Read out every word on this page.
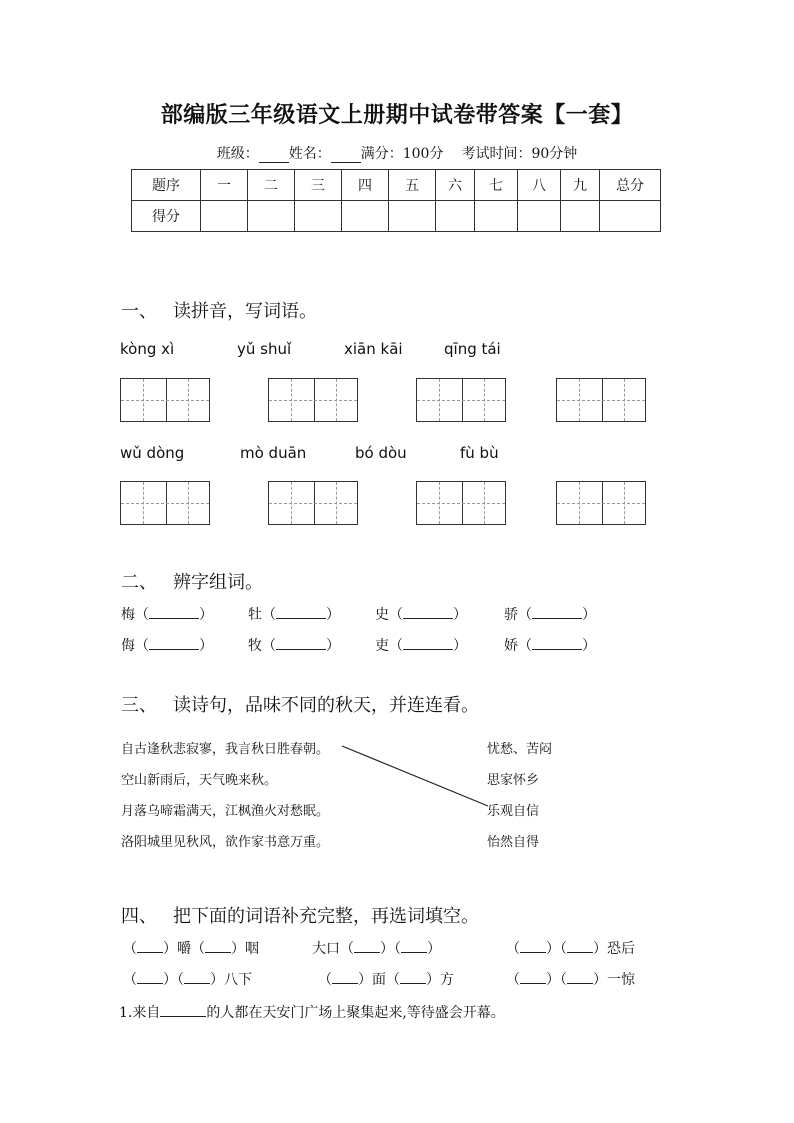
部编版三年级语文上册期中试卷带答案【一套】
班级： 姓名： 满分：100分 考试时间：90分钟
题序	一	二	三	四	五	六	七	八	九	总分
得分										
一、 读拼音，写词语。
kòng xì	yǔ shuǐ	xiān kāi	qīng tái
wǔ dòng	mò duān	bó dòu	fù bù
二、 辨字组词。
梅（	）	牡（	）	史（	）	骄（	）
侮（	）	牧（	）	吏（	）	娇（	）
三、 读诗句，品味不同的秋天，并连连看。
自古逢秋悲寂寥，我言秋日胜春朝。
空山新雨后，天气晚来秋。
月落乌啼霜满天，江枫渔火对愁眠。
洛阳城里见秋风，欲作家书意万重。
忧愁、苦闷
思家怀乡
乐观自信
怡然自得
四、 把下面的词语补充完整，再选词填空。
（ ）嚼（ ）咽	大口（ ）（ ）	（ ）（ ）恐后
（ ）（ ）八下	（ ）面（ ）方	（ ）（ ）一惊
1.来自	的人都在天安门广场上聚集起来,等待盛会开幕。
